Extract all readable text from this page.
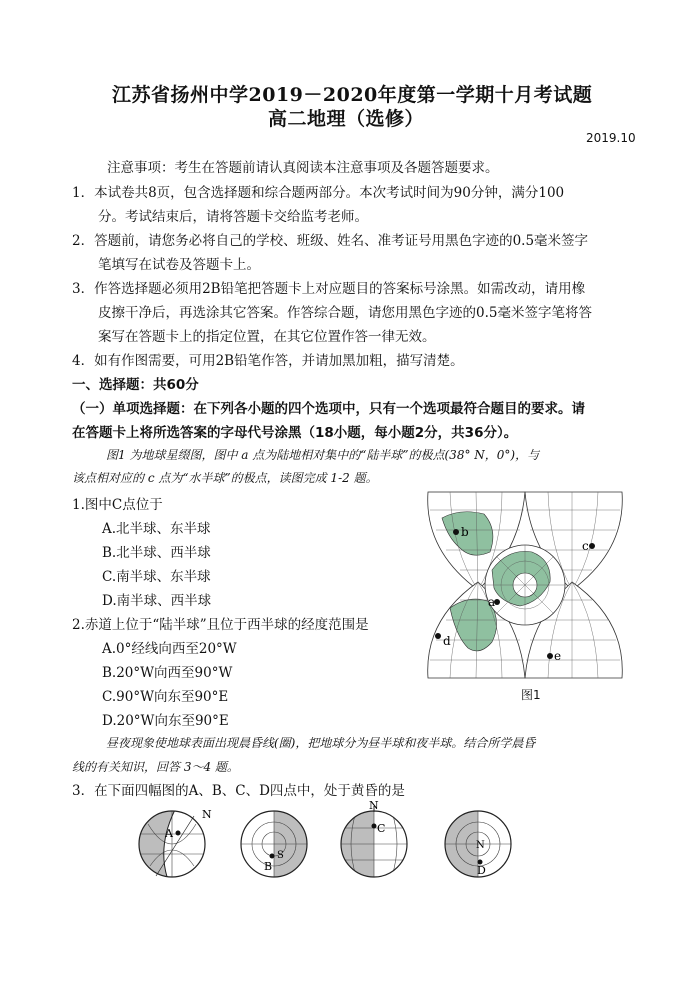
江苏省扬州中学2019－2020年度第一学期十月考试题
高二地理（选修）
2019.10
注意事项：考生在答题前请认真阅读本注意事项及各题答题要求。
1．本试卷共8页，包含选择题和综合题两部分。本次考试时间为90分钟，满分100
分。考试结束后，请将答题卡交给监考老师。
2．答题前，请您务必将自己的学校、班级、姓名、准考证号用黑色字迹的0.5毫米签字
笔填写在试卷及答题卡上。
3．作答选择题必须用2B铅笔把答题卡上对应题目的答案标号涂黑。如需改动，请用橡
皮擦干净后，再选涂其它答案。作答综合题，请您用黑色字迹的0.5毫米签字笔将答
案写在答题卡上的指定位置，在其它位置作答一律无效。
4．如有作图需要，可用2B铅笔作答，并请加黑加粗，描写清楚。
一、选择题：共60分
（一）单项选择题：在下列各小题的四个选项中，只有一个选项最符合题目的要求。请
在答题卡上将所选答案的字母代号涂黑（18小题，每小题2分，共36分）。
图1 为地球星缀图，图中 a 点为陆地相对集中的“陆半球”的极点(38° N，0°)，与
该点相对应的 c 点为“水半球”的极点，读图完成 1-2 题。
1.图中C点位于
A.北半球、东半球
B.北半球、西半球
C.南半球、东半球
D.南半球、西半球
2.赤道上位于“陆半球”且位于西半球的经度范围是
A.0°经线向西至20°W
B.20°W向西至90°W
C.90°W向东至90°E
D.20°W向东至90°E
b
c
a
d
e
图1
昼夜现象使地球表面出现晨昏线(圈)，把地球分为昼半球和夜半球。结合所学晨昏
线的有关知识，回答 3～4 题。
3．在下面四幅图的A、B、C、D四点中，处于黄昏的是
A
N
B
S
C
N
D
N
